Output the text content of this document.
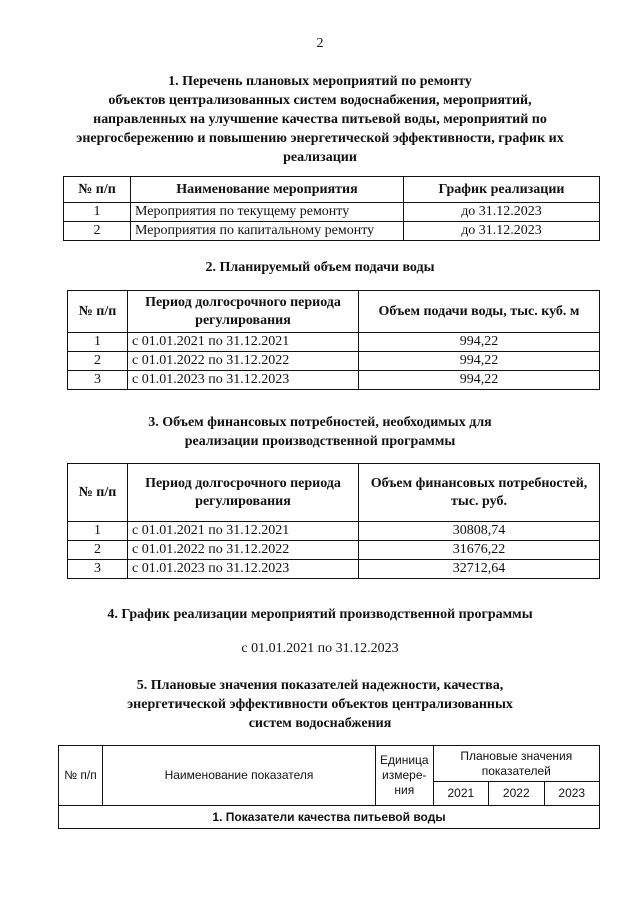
2
1. Перечень плановых мероприятий по ремонту
объектов централизованных систем водоснабжения, мероприятий,
направленных на улучшение качества питьевой воды, мероприятий по
энергосбережению и повышению энергетической эффективности, график их
реализации
№ п/п	Наименование мероприятия	График реализации
1	Мероприятия по текущему ремонту	до 31.12.2023
2	Мероприятия по капитальному ремонту	до 31.12.2023
2. Планируемый объем подачи воды
№ п/п	Период долгосрочного периода регулирования	Объем подачи воды, тыс. куб. м
1	с 01.01.2021 по 31.12.2021	994,22
2	с 01.01.2022 по 31.12.2022	994,22
3	с 01.01.2023 по 31.12.2023	994,22
3. Объем финансовых потребностей, необходимых для
реализации производственной программы
№ п/п	Период долгосрочного периода регулирования	Объем финансовых потребностей, тыс. руб.
1	с 01.01.2021 по 31.12.2021	30808,74
2	с 01.01.2022 по 31.12.2022	31676,22
3	с 01.01.2023 по 31.12.2023	32712,64
4. График реализации мероприятий производственной программы
с 01.01.2021 по 31.12.2023
5. Плановые значения показателей надежности, качества,
энергетической эффективности объектов централизованных
систем водоснабжения
№ п/п	Наименование показателя	Единица измере-ния	Плановые значения показателей		
			2021	2022	2023
1. Показатели качества питьевой воды					
